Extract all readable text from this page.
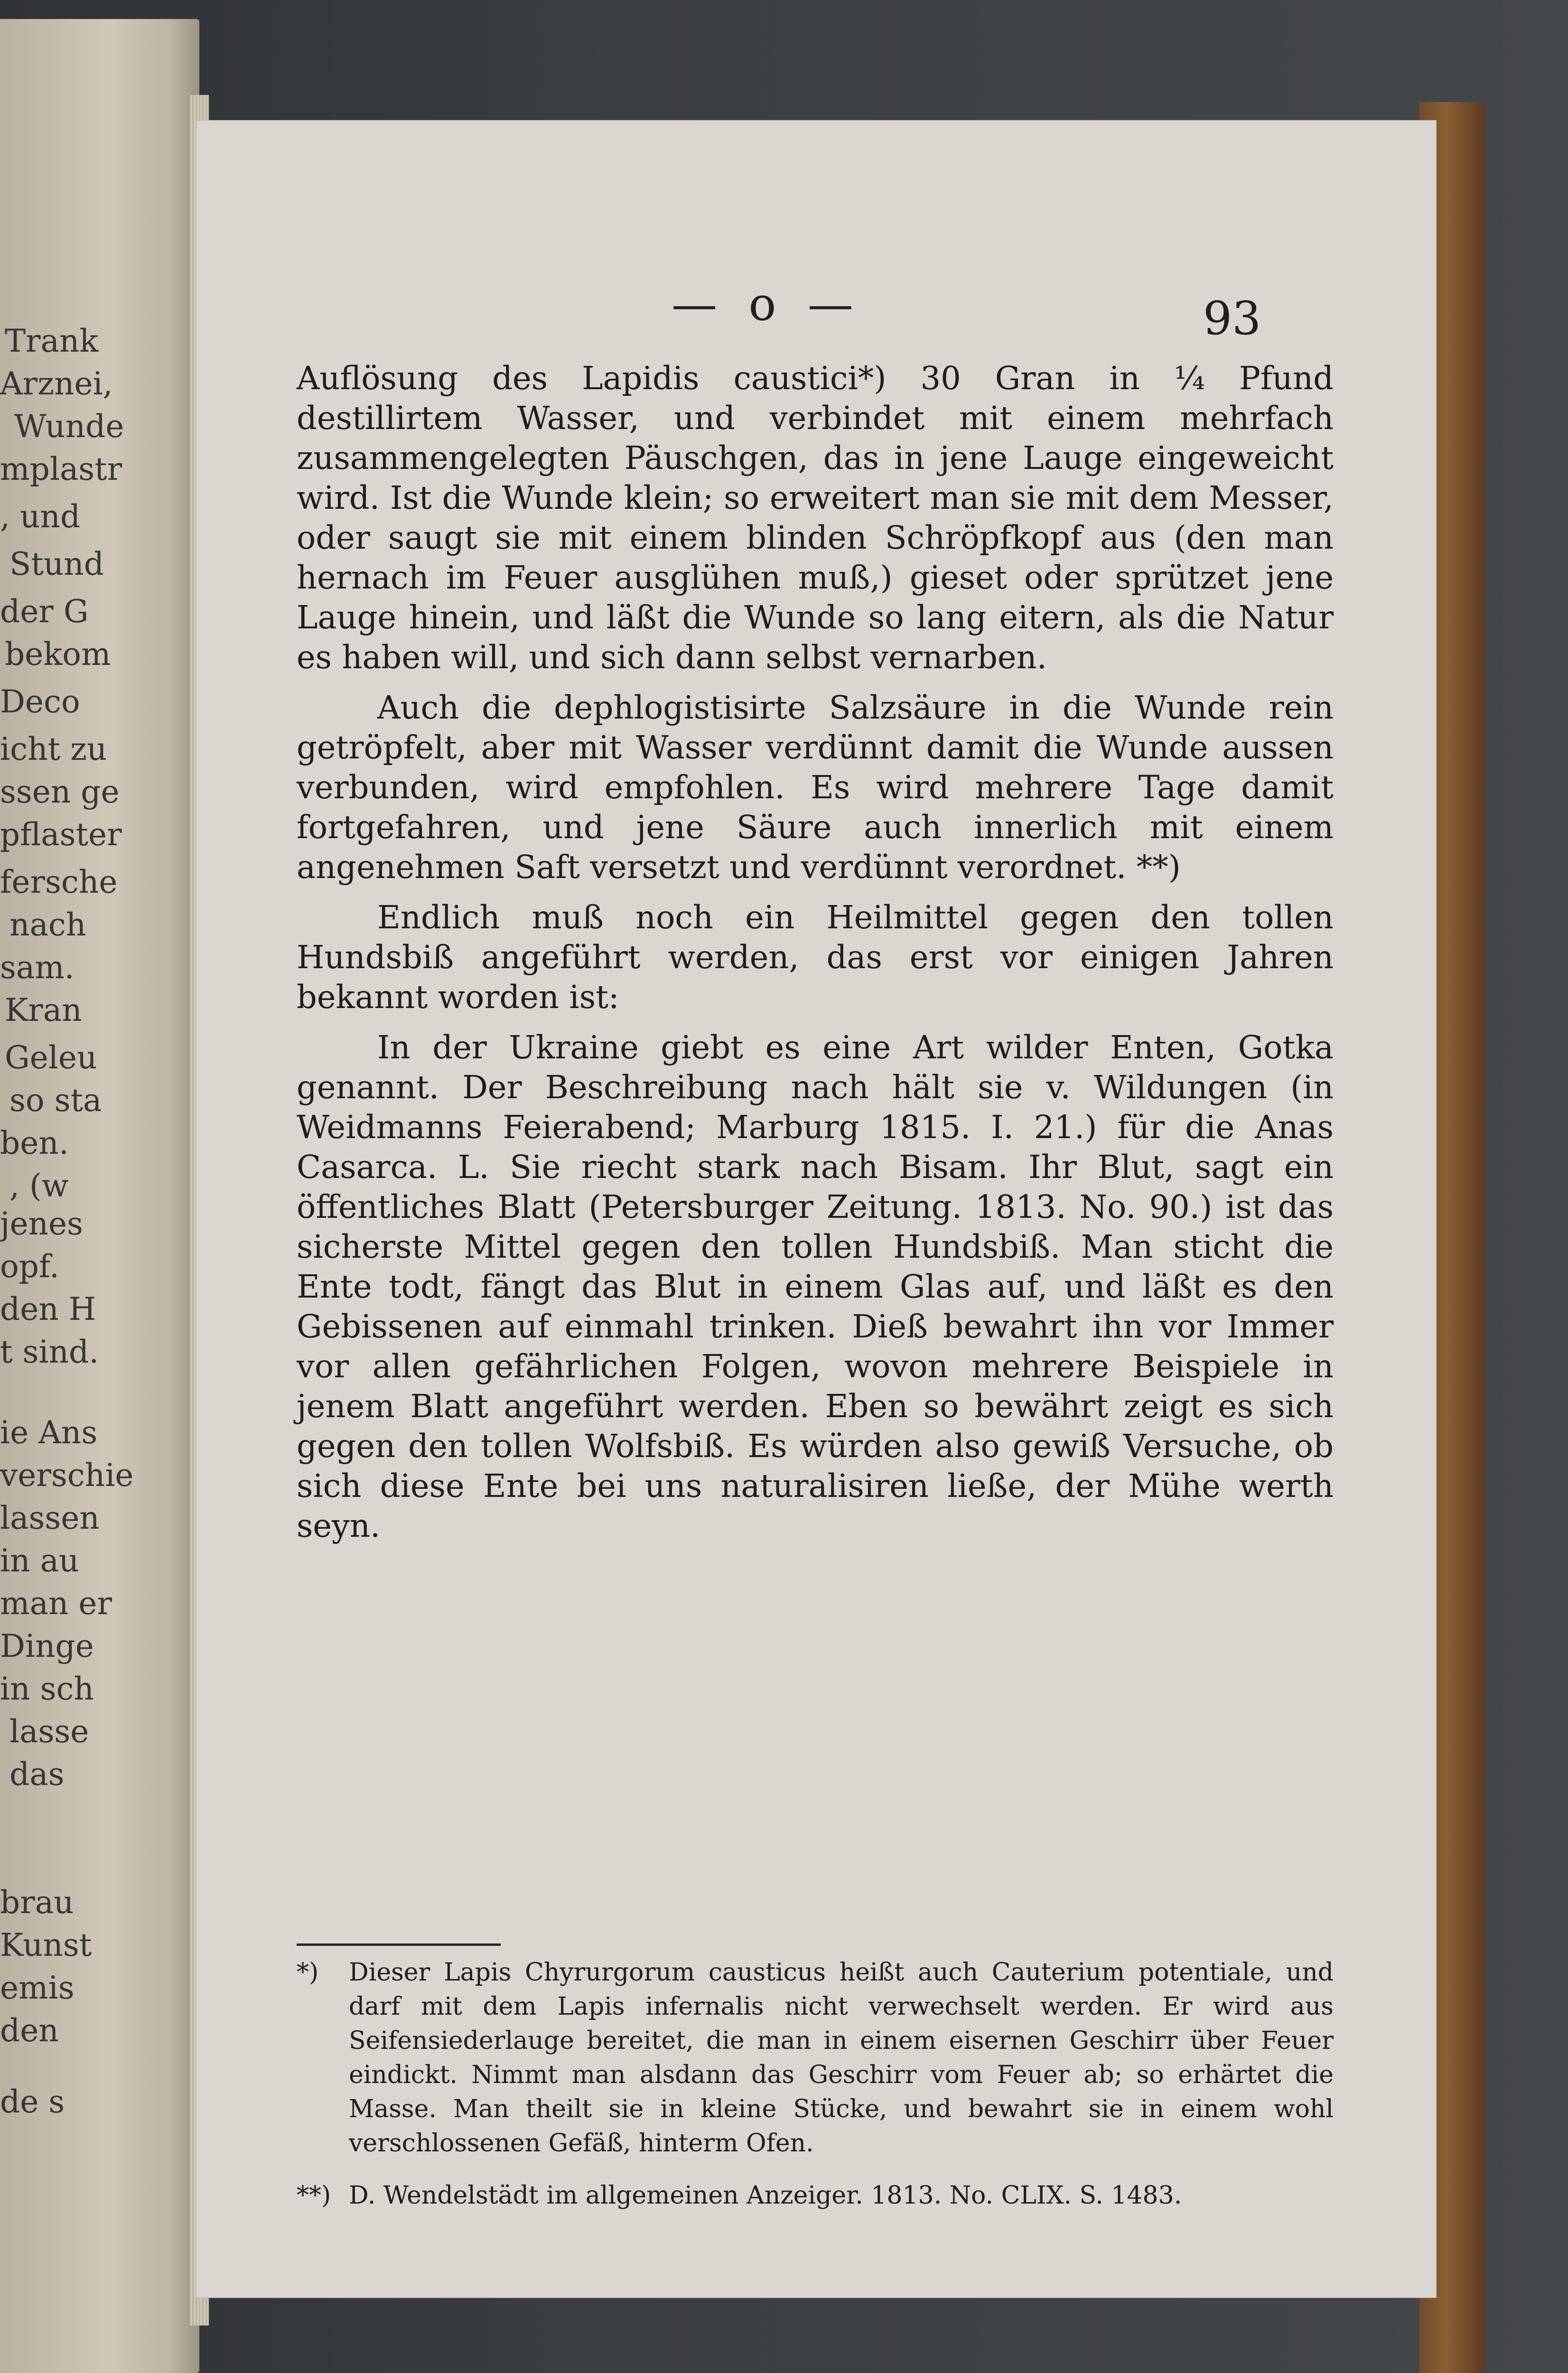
Trank
Arznei,
Wunde
mplastr
, und
Stund
der G
bekom
Deco
icht zu
ssen ge
pflaster
fersche
nach
sam.
Kran
Geleu
so sta
ben.
, (w
jenes
opf.
den H
t sind.
ie Ans
verschie
lassen
in au
man er
Dinge
in sch
lasse
das
brau
Kunst
emis
den
de s
— o —	93

Auflösung des Lapidis caustici*) 30 Gran in ¼ Pfund destillirtem Wasser, und verbindet mit einem mehrfach zusammengelegten Päuschgen, das in jene Lauge eingeweicht wird. Ist die Wunde klein; so erweitert man sie mit dem Messer, oder saugt sie mit einem blinden Schröpfkopf aus (den man hernach im Feuer ausglühen muß,) gieset oder sprützet jene Lauge hinein, und läßt die Wunde so lang eitern, als die Natur es haben will, und sich dann selbst vernarben.

Auch die dephlogistisirte Salzsäure in die Wunde rein getröpfelt, aber mit Wasser verdünnt damit die Wunde aussen verbunden, wird empfohlen. Es wird mehrere Tage damit fortgefahren, und jene Säure auch innerlich mit einem angenehmen Saft versetzt und verdünnt verordnet. **)

Endlich muß noch ein Heilmittel gegen den tollen Hundsbiß angeführt werden, das erst vor einigen Jahren bekannt worden ist:

In der Ukraine giebt es eine Art wilder Enten, Gotka genannt. Der Beschreibung nach hält sie v. Wildungen (in Weidmanns Feierabend; Marburg 1815. I. 21.) für die Anas Casarca. L. Sie riecht stark nach Bisam. Ihr Blut, sagt ein öffentliches Blatt (Petersburger Zeitung. 1813. No. 90.) ist das sicherste Mittel gegen den tollen Hundsbiß. Man sticht die Ente todt, fängt das Blut in einem Glas auf, und läßt es den Gebissenen auf einmahl trinken. Dieß bewahrt ihn vor Immer vor allen gefährlichen Folgen, wovon mehrere Beispiele in jenem Blatt angeführt werden. Eben so bewährt zeigt es sich gegen den tollen Wolfsbiß. Es würden also gewiß Versuche, ob sich diese Ente bei uns naturalisiren ließe, der Mühe werth seyn.

*) Dieser Lapis Chyrurgorum causticus heißt auch Cauterium potentiale, und darf mit dem Lapis infernalis nicht verwechselt werden. Er wird aus Seifensiederlauge bereitet, die man in einem eisernen Geschirr über Feuer eindickt. Nimmt man alsdann das Geschirr vom Feuer ab; so erhärtet die Masse. Man theilt sie in kleine Stücke, und bewahrt sie in einem wohl verschlossenen Gefäß, hinterm Ofen.

**) D. Wendelstädt im allgemeinen Anzeiger. 1813. No. CLIX. S. 1483.
